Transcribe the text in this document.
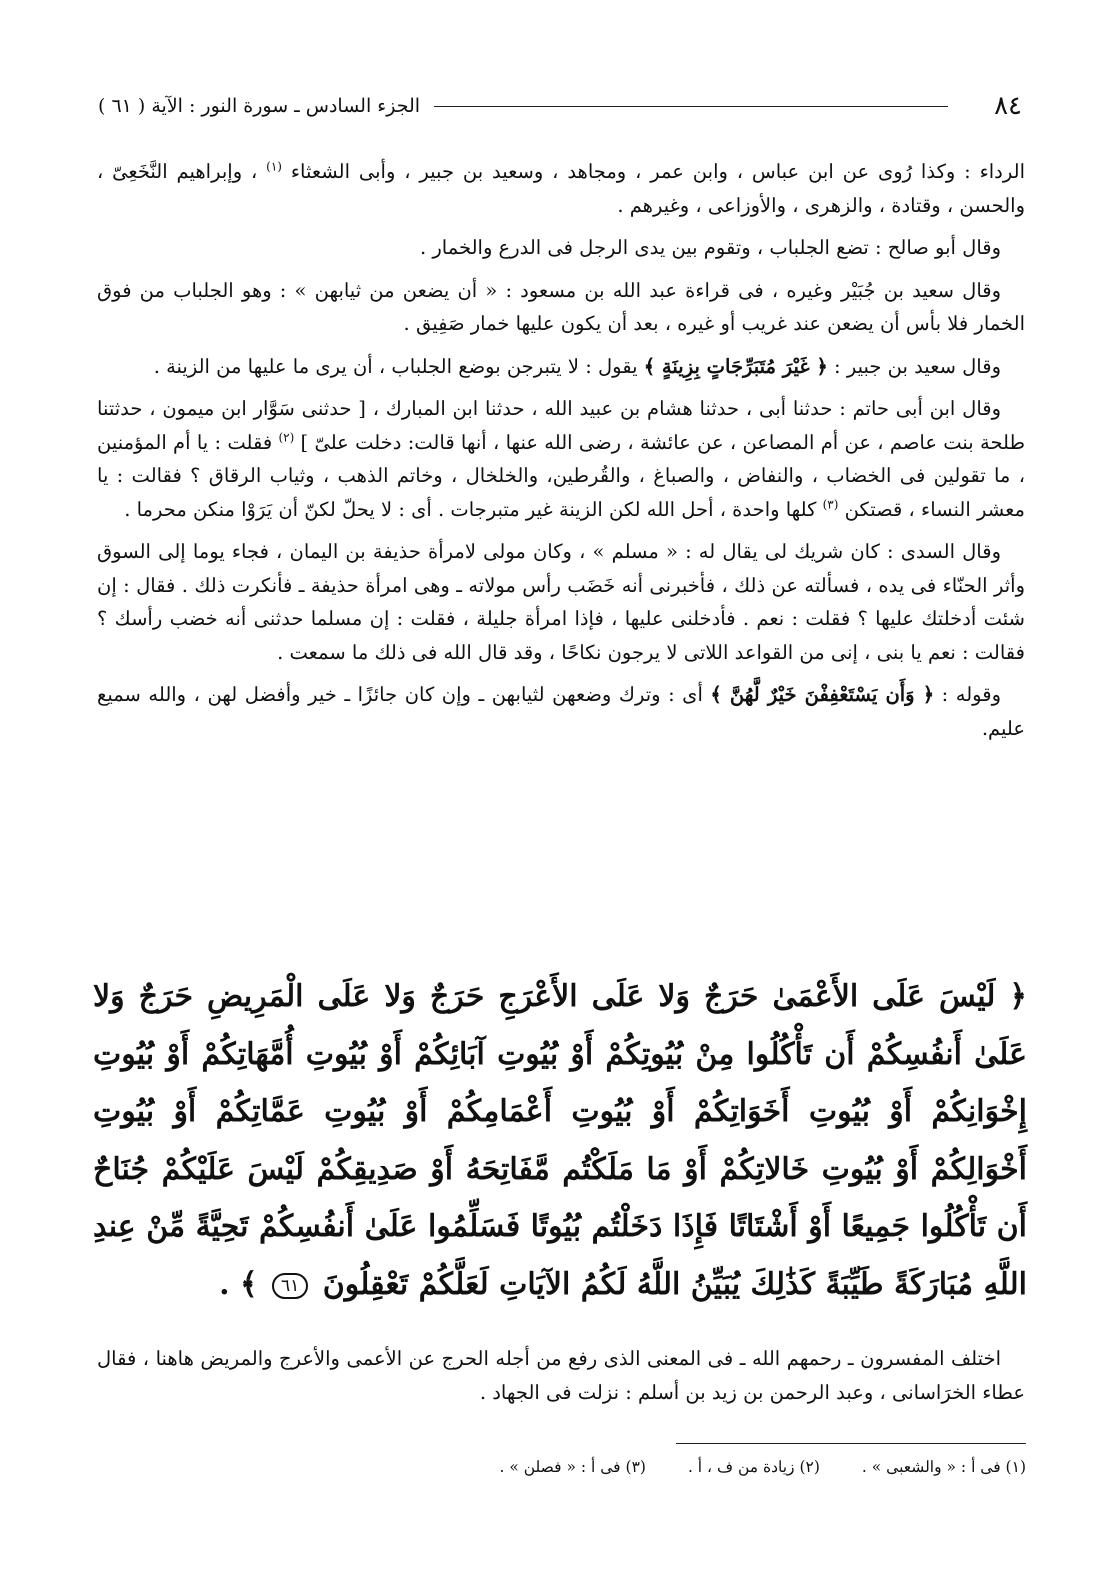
٨٤
الجزء السادس ـ سورة النور : الآية ( ٦١ )

الرداء : وكذا رُوى عن ابن عباس ، وابن عمر ، ومجاهد ، وسعيد بن جبير ، وأبى الشعثاء $^{(١)}$ ، وإبراهيم النَّخَعِىّ ، والحسن ، وقتادة ، والزهرى ، والأوزاعى ، وغيرهم .

وقال أبو صالح : تضع الجلباب ، وتقوم بين يدى الرجل فى الدرع والخمار .

وقال سعيد بن جُبَيْر وغيره ، فى قراءة عبد الله بن مسعود : « أن يضعن من ثيابهن » : وهو الجلباب من فوق الخمار فلا بأس أن يضعن عند غريب أو غيره ، بعد أن يكون عليها خمار صَفِيق .

وقال سعيد بن جبير : ﴿ غَيْرَ مُتَبَرِّجَاتٍ بِزِينَةٍ ﴾ يقول : لا يتبرجن بوضع الجلباب ، أن يرى ما عليها من الزينة .

وقال ابن أبى حاتم : حدثنا أبى ، حدثنا هشام بن عبيد الله ، حدثنا ابن المبارك ، [ حدثنى سَوَّار ابن ميمون ، حدثتنا طلحة بنت عاصم ، عن أم المصاعن ، عن عائشة ، رضى الله عنها ، أنها قالت: دخلت علىّ ] $^{(٢)}$ فقلت : يا أم المؤمنين ، ما تقولين فى الخضاب ، والنفاض ، والصباغ ، والقُرطين، والخلخال ، وخاتم الذهب ، وثياب الرقاق ؟ فقالت : يا معشر النساء ، قصتكن $^{(٣)}$ كلها واحدة ، أحل الله لكن الزينة غير متبرجات . أى : لا يحلّ لكنّ أن يَرَوْا منكن محرما .

وقال السدى : كان شريك لى يقال له : « مسلم » ، وكان مولى لامرأة حذيفة بن اليمان ، فجاء يوما إلى السوق وأثر الحنّاء فى يده ، فسألته عن ذلك ، فأخبرنى أنه خَضَب رأس مولاته ـ وهى امرأة حذيفة ـ فأنكرت ذلك . فقال : إن شئت أدخلتك عليها ؟ فقلت : نعم . فأدخلنى عليها ، فإذا امرأة جليلة ، فقلت : إن مسلما حدثنى أنه خضب رأسك ؟ فقالت : نعم يا بنى ، إنى من القواعد اللاتى لا يرجون نكاحًا ، وقد قال الله فى ذلك ما سمعت .

وقوله : ﴿ وَأَن يَسْتَعْفِفْنَ خَيْرٌ لَّهُنَّ ﴾ أى : وترك وضعهن لثيابهن ـ وإن كان جائزًا ـ خير وأفضل لهن ، والله سميع عليم.

﴿ لَيْسَ عَلَى الأَعْمَىٰ حَرَجٌ وَلا عَلَى الأَعْرَجِ حَرَجٌ وَلا عَلَى الْمَرِيضِ حَرَجٌ وَلا عَلَىٰ أَنفُسِكُمْ أَن تَأْكُلُوا مِنْ بُيُوتِكُمْ أَوْ بُيُوتِ آبَائِكُمْ أَوْ بُيُوتِ أُمَّهَاتِكُمْ أَوْ بُيُوتِ إِخْوَانِكُمْ أَوْ بُيُوتِ أَخَوَاتِكُمْ أَوْ بُيُوتِ أَعْمَامِكُمْ أَوْ بُيُوتِ عَمَّاتِكُمْ أَوْ بُيُوتِ أَخْوَالِكُمْ أَوْ بُيُوتِ خَالاتِكُمْ أَوْ مَا مَلَكْتُم مَّفَاتِحَهُ أَوْ صَدِيقِكُمْ لَيْسَ عَلَيْكُمْ جُنَاحٌ أَن تَأْكُلُوا جَمِيعًا أَوْ أَشْتَاتًا فَإِذَا دَخَلْتُم بُيُوتًا فَسَلِّمُوا عَلَىٰ أَنفُسِكُمْ تَحِيَّةً مِّنْ عِندِ اللَّهِ مُبَارَكَةً طَيِّبَةً كَذَٰلِكَ يُبَيِّنُ اللَّهُ لَكُمُ الآيَاتِ لَعَلَّكُمْ تَعْقِلُونَ ٦١ ﴾ .

اختلف المفسرون ـ رحمهم الله ـ فى المعنى الذى رفع من أجله الحرج عن الأعمى والأعرج والمريض هاهنا ، فقال عطاء الخرَاسانى ، وعبد الرحمن بن زيد بن أسلم : نزلت فى الجهاد .

(١) فى أ : « والشعبى » .
(٢) زيادة من ف ، أ .
(٣) فى أ : « فصلن » .
